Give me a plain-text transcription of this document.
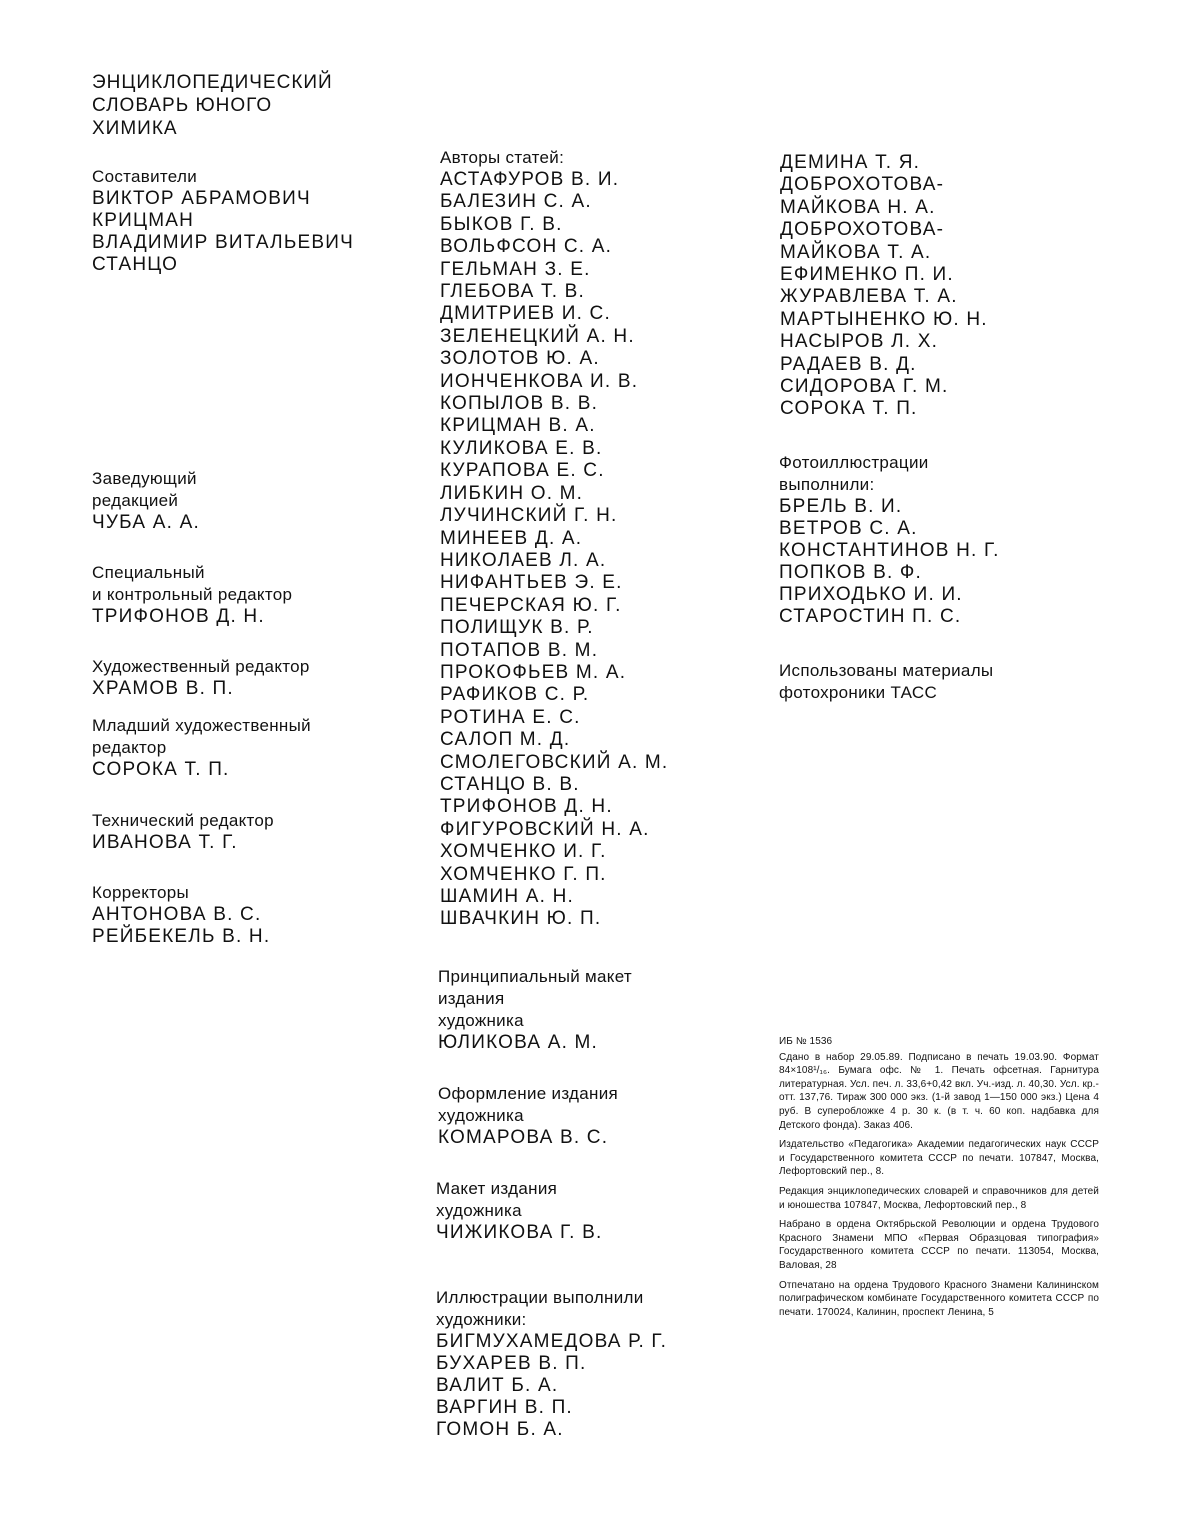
ЭНЦИКЛОПЕДИЧЕСКИЙ
СЛОВАРЬ ЮНОГО
ХИМИКА
Составители
ВИКТОР АБРАМОВИЧ
КРИЦМАН
ВЛАДИМИР ВИТАЛЬЕВИЧ
СТАНЦО
Заведующий
редакцией
ЧУБА А. А.
Специальный
и контрольный редактор
ТРИФОНОВ Д. Н.
Художественный редактор
ХРАМОВ В. П.
Младший художественный
редактор
СОРОКА Т. П.
Технический редактор
ИВАНОВА Т. Г.
Корректоры
АНТОНОВА В. С.
РЕЙБЕКЕЛЬ В. Н.
Авторы статей:
АСТАФУРОВ В. И.
БАЛЕЗИН С. А.
БЫКОВ Г. В.
ВОЛЬФСОН С. А.
ГЕЛЬМАН З. Е.
ГЛЕБОВА Т. В.
ДМИТРИЕВ И. С.
ЗЕЛЕНЕЦКИЙ А. Н.
ЗОЛОТОВ Ю. А.
ИОНЧЕНКОВА И. В.
КОПЫЛОВ В. В.
КРИЦМАН В. А.
КУЛИКОВА Е. В.
КУРАПОВА Е. С.
ЛИБКИН О. М.
ЛУЧИНСКИЙ Г. Н.
МИНЕЕВ Д. А.
НИКОЛАЕВ Л. А.
НИФАНТЬЕВ Э. Е.
ПЕЧЕРСКАЯ Ю. Г.
ПОЛИЩУК В. Р.
ПОТАПОВ В. М.
ПРОКОФЬЕВ М. А.
РАФИКОВ С. Р.
РОТИНА Е. С.
САЛОП М. Д.
СМОЛЕГОВСКИЙ А. М.
СТАНЦО В. В.
ТРИФОНОВ Д. Н.
ФИГУРОВСКИЙ Н. А.
ХОМЧЕНКО И. Г.
ХОМЧЕНКО Г. П.
ШАМИН А. Н.
ШВАЧКИН Ю. П.
Принципиальный макет
издания
художника
ЮЛИКОВА А. М.
Оформление издания
художника
КОМАРОВА В. С.
Макет издания
художника
ЧИЖИКОВА Г. В.
Иллюстрации выполнили
художники:
БИГМУХАМЕДОВА Р. Г.
БУХАРЕВ В. П.
ВАЛИТ Б. А.
ВАРГИН В. П.
ГОМОН Б. А.
ДЕМИНА Т. Я.
ДОБРОХОТОВА-
МАЙКОВА Н. А.
ДОБРОХОТОВА-
МАЙКОВА Т. А.
ЕФИМЕНКО П. И.
ЖУРАВЛЕВА Т. А.
МАРТЫНЕНКО Ю. Н.
НАСЫРОВ Л. Х.
РАДАЕВ В. Д.
СИДОРОВА Г. М.
СОРОКА Т. П.
Фотоиллюстрации
выполнили:
БРЕЛЬ В. И.
ВЕТРОВ С. А.
КОНСТАНТИНОВ Н. Г.
ПОПКОВ В. Ф.
ПРИХОДЬКО И. И.
СТАРОСТИН П. С.
Использованы материалы
фотохроники ТАСС

ИБ № 1536

Сдано в набор 29.05.89. Подписано в печать 19.03.90. Формат 84×108¹/₁₆. Бумага офс. № 1. Печать офсетная. Гарнитура литературная. Усл. печ. л. 33,6+0,42 вкл. Уч.-изд. л. 40,30. Усл. кр.-отт. 137,76. Тираж 300 000 экз. (1-й завод 1—150 000 экз.) Цена 4 руб. В суперобложке 4 р. 30 к. (в т. ч. 60 коп. надбавка для Детского фонда). Заказ 406.

Издательство «Педагогика» Академии педагогических наук СССР и Государственного комитета СССР по печати. 107847, Москва, Лефортовский пер., 8.

Редакция энциклопедических словарей и справочников для детей и юношества 107847, Москва, Лефортовский пер., 8

Набрано в ордена Октябрьской Революции и ордена Трудового Красного Знамени МПО «Первая Образцовая типография» Государственного комитета СССР по печати. 113054, Москва, Валовая, 28

Отпечатано на ордена Трудового Красного Знамени Калининском полиграфическом комбинате Государственного комитета СССР по печати. 170024, Калинин, проспект Ленина, 5
